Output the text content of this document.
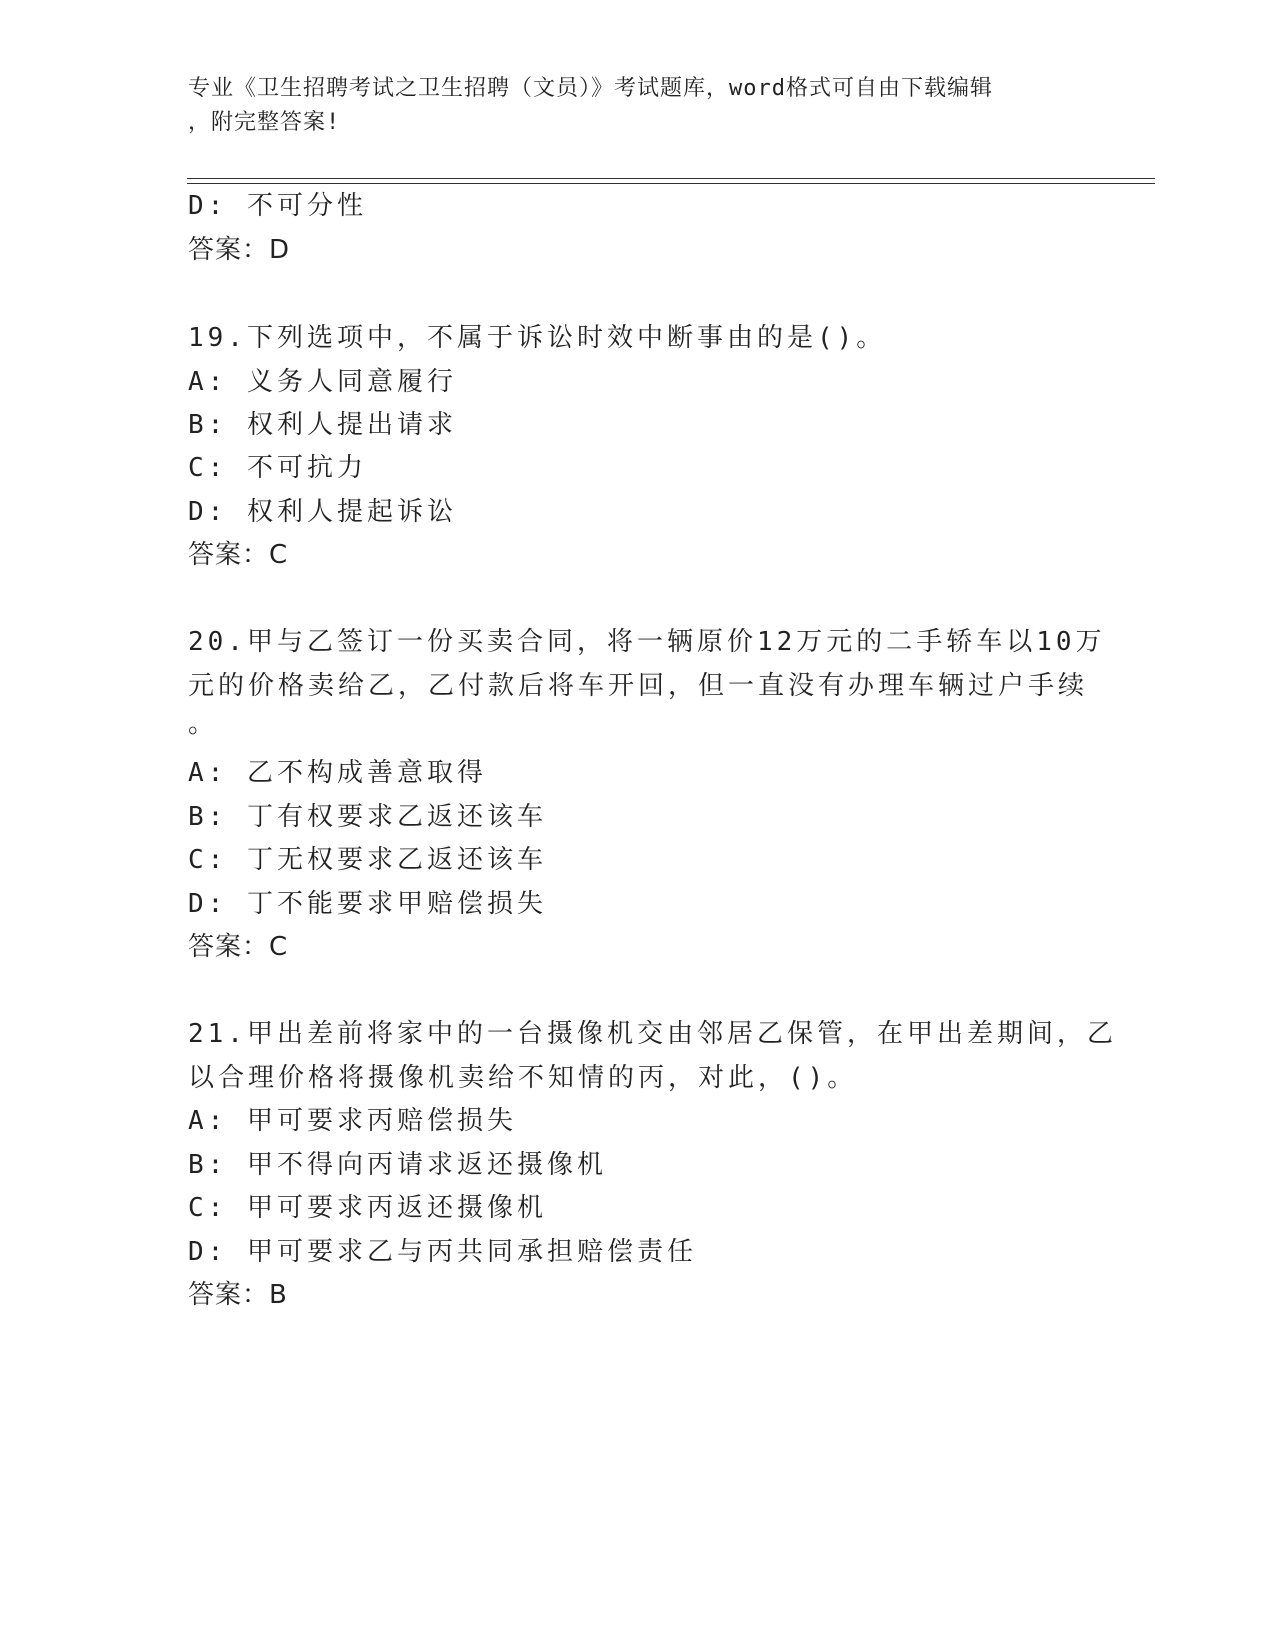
专业《卫生招聘考试之卫生招聘（文员）》考试题库，word格式可自由下载编辑
，附完整答案!
D: 不可分性
答案：D
19.下列选项中，不属于诉讼时效中断事由的是()。
A: 义务人同意履行
B: 权利人提出请求
C: 不可抗力
D: 权利人提起诉讼
答案：C
20.甲与乙签订一份买卖合同，将一辆原价12万元的二手轿车以10万
元的价格卖给乙，乙付款后将车开回，但一直没有办理车辆过户手续
。
A: 乙不构成善意取得
B: 丁有权要求乙返还该车
C: 丁无权要求乙返还该车
D: 丁不能要求甲赔偿损失
答案：C
21.甲出差前将家中的一台摄像机交由邻居乙保管，在甲出差期间，乙
以合理价格将摄像机卖给不知情的丙，对此，()。
A: 甲可要求丙赔偿损失
B: 甲不得向丙请求返还摄像机
C: 甲可要求丙返还摄像机
D: 甲可要求乙与丙共同承担赔偿责任
答案：B
